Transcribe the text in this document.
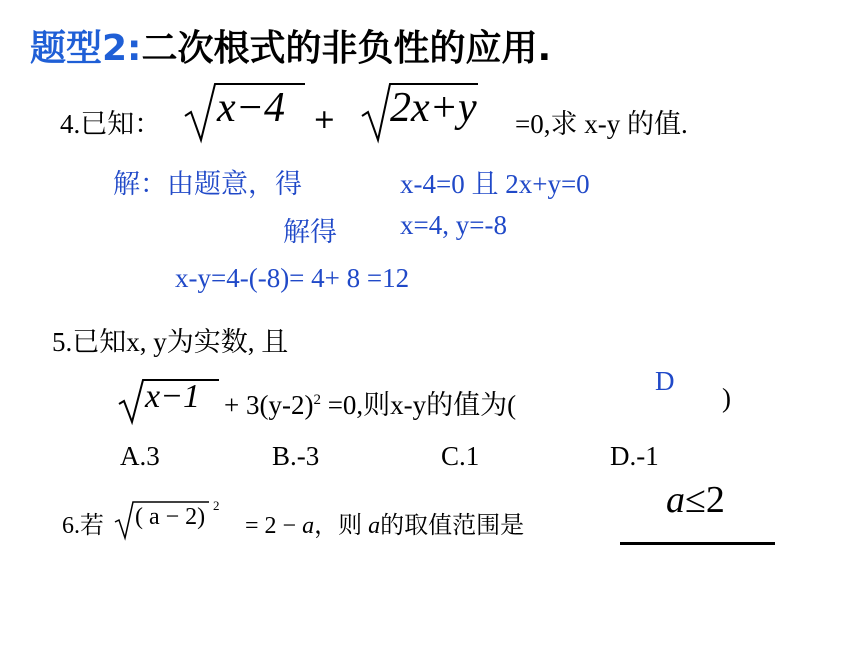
题型2:二次根式的非负性的应用.
4.已知： x−4 + 2x+y =0,求 x-y 的值.
解：由题意，得	x-4=0 且 2x+y=0
解得 x=4, y=-8
x-y=4-(-8)= 4+ 8 =12
5.已知x, y为实数, 且
$x-1 + 3(y-2)^2 =0$,则x-y的值为(
D
)
A.3	B.-3	C.1	D.-1
6.若 ( a − 2) 2
= 2 − a，则 a的取值范围是
a≤2
